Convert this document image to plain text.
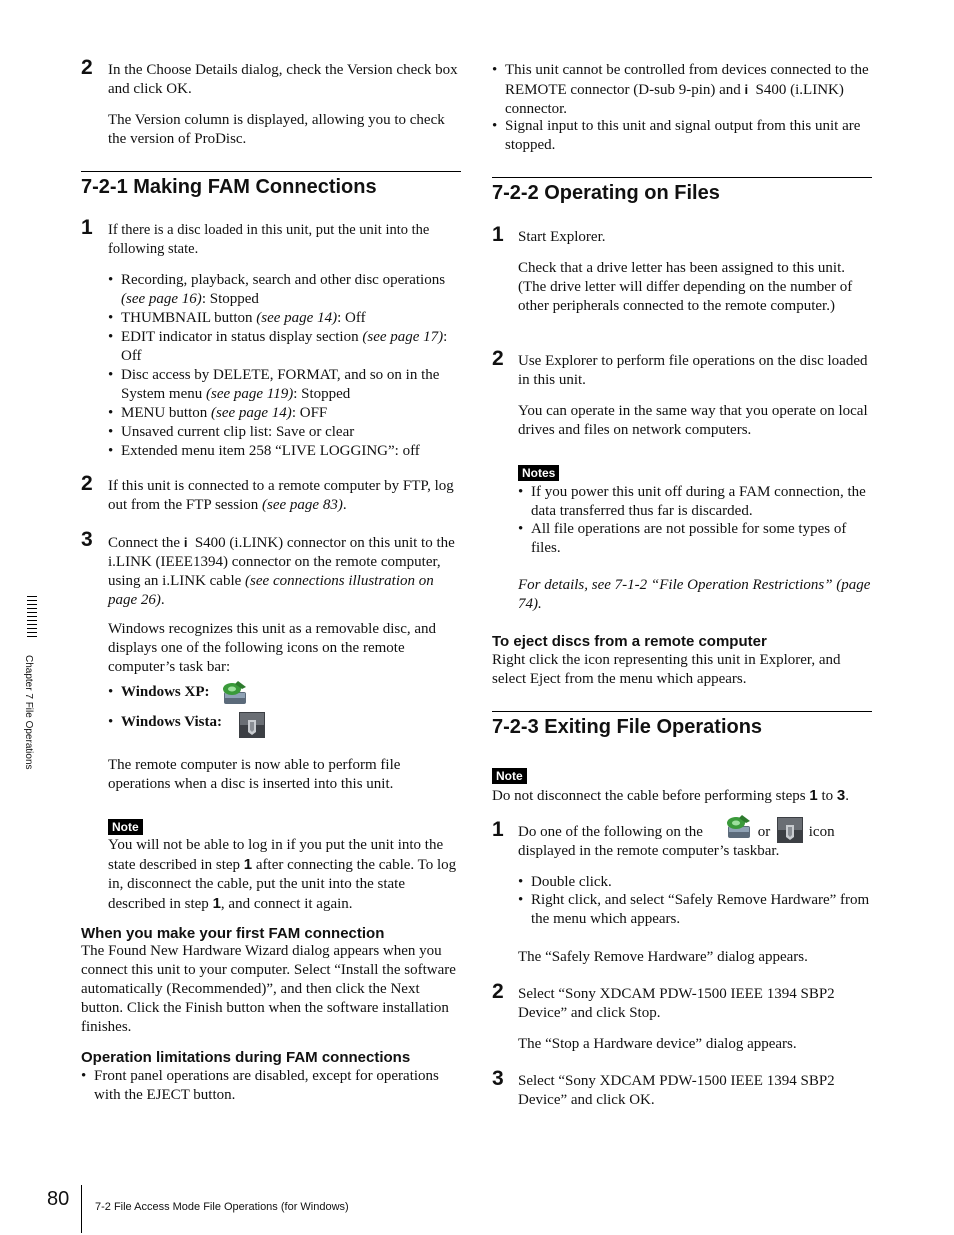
2 In the Choose Details dialog, check the Version check box and click OK.

The Version column is displayed, allowing you to check the version of ProDisc.

7-2-1 Making FAM Connections
1 If there is a disc loaded in this unit, put the unit into the following state.

• Recording, playback, search and other disc operations (see page 16): Stopped
• THUMBNAIL button (see page 14): Off
• EDIT indicator in status display section (see page 17): Off
• Disc access by DELETE, FORMAT, and so on in the System menu (see page 119): Stopped
• MENU button (see page 14): OFF
• Unsaved current clip list: Save or clear
• Extended menu item 258 “LIVE LOGGING”: off
2 If this unit is connected to a remote computer by FTP, log out from the FTP session (see page 83).

3 Connect the i S400 (i.LINK) connector on this unit to the i.LINK (IEEE1394) connector on the remote computer, using an i.LINK cable (see connections illustration on page 26).

Windows recognizes this unit as a removable disc, and displays one of the following icons on the remote computer’s task bar:

• Windows XP:
• Windows Vista:

The remote computer is now able to perform file operations when a disc is inserted into this unit.

Note

You will not be able to log in if you put the unit into the state described in step 1 after connecting the cable. To log in, disconnect the cable, put the unit into the state described in step 1, and connect it again.

When you make your first FAM connection

The Found New Hardware Wizard dialog appears when you connect this unit to your computer. Select “Install the software automatically (Recommended)”, and then click the Next button. Click the Finish button when the software installation finishes.

Operation limitations during FAM connections
• Front panel operations are disabled, except for operations with the EJECT button.
• This unit cannot be controlled from devices connected to the REMOTE connector (D-sub 9-pin) and i S400 (i.LINK) connector.
• Signal input to this unit and signal output from this unit are stopped.
7-2-2 Operating on Files
1 Start Explorer.

Check that a drive letter has been assigned to this unit. (The drive letter will differ depending on the number of other peripherals connected to the remote computer.)

2 Use Explorer to perform file operations on the disc loaded in this unit.

You can operate in the same way that you operate on local drives and files on network computers.

Notes
• If you power this unit off during a FAM connection, the data transferred thus far is discarded.
• All file operations are not possible for some types of files.

For details, see 7-1-2 “File Operation Restrictions” (page 74).

To eject discs from a remote computer

Right click the icon representing this unit in Explorer, and select Eject from the menu which appears.

7-2-3 Exiting File Operations
Note

Do not disconnect the cable before performing steps 1 to 3.

1 Do one of the following on the	or icon

displayed in the remote computer’s taskbar.

• Double click.
• Right click, and select “Safely Remove Hardware” from the menu which appears.

The “Safely Remove Hardware” dialog appears.

2 Select “Sony XDCAM PDW-1500 IEEE 1394 SBP2 Device” and click Stop.

The “Stop a Hardware device” dialog appears.

3 Select “Sony XDCAM PDW-1500 IEEE 1394 SBP2 Device” and click OK.

Chapter 7 File Operations
80 7-2 File Access Mode File Operations (for Windows)
